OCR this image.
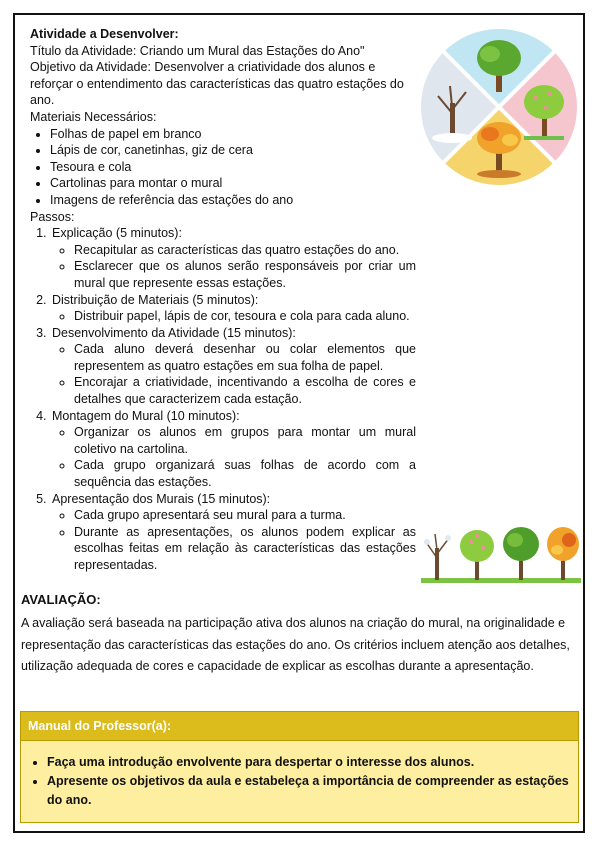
Atividade a Desenvolver:
Título da Atividade: Criando um Mural das Estações do Ano"
Objetivo da Atividade: Desenvolver a criatividade dos alunos e reforçar o entendimento das características das quatro estações do ano.
Materiais Necessários:
• Folhas de papel em branco
• Lápis de cor, canetinhas, giz de cera
• Tesoura e cola
• Cartolinas para montar o mural
• Imagens de referência das estações do ano
Passos:
1. Explicação (5 minutos):
◦ Recapitular as características das quatro estações do ano.
◦ Esclarecer que os alunos serão responsáveis por criar um mural que represente essas estações.
2. Distribuição de Materiais (5 minutos):
◦ Distribuir papel, lápis de cor, tesoura e cola para cada aluno.
3. Desenvolvimento da Atividade (15 minutos):
◦ Cada aluno deverá desenhar ou colar elementos que representem as quatro estações em sua folha de papel.
◦ Encorajar a criatividade, incentivando a escolha de cores e detalhes que caracterizem cada estação.
4. Montagem do Mural (10 minutos):
◦ Organizar os alunos em grupos para montar um mural coletivo na cartolina.
◦ Cada grupo organizará suas folhas de acordo com a sequência das estações.
5. Apresentação dos Murais (15 minutos):
◦ Cada grupo apresentará seu mural para a turma.
◦ Durante as apresentações, os alunos podem explicar as escolhas feitas em relação às características das estações representadas.
AVALIAÇÃO:
A avaliação será baseada na participação ativa dos alunos na criação do mural, na originalidade e representação das características das estações do ano. Os critérios incluem atenção aos detalhes, utilização adequada de cores e capacidade de explicar as escolhas durante a apresentação.
Manual do Professor(a):
• Faça uma introdução envolvente para despertar o interesse dos alunos.
• Apresente os objetivos da aula e estabeleça a importância de compreender as estações do ano.
